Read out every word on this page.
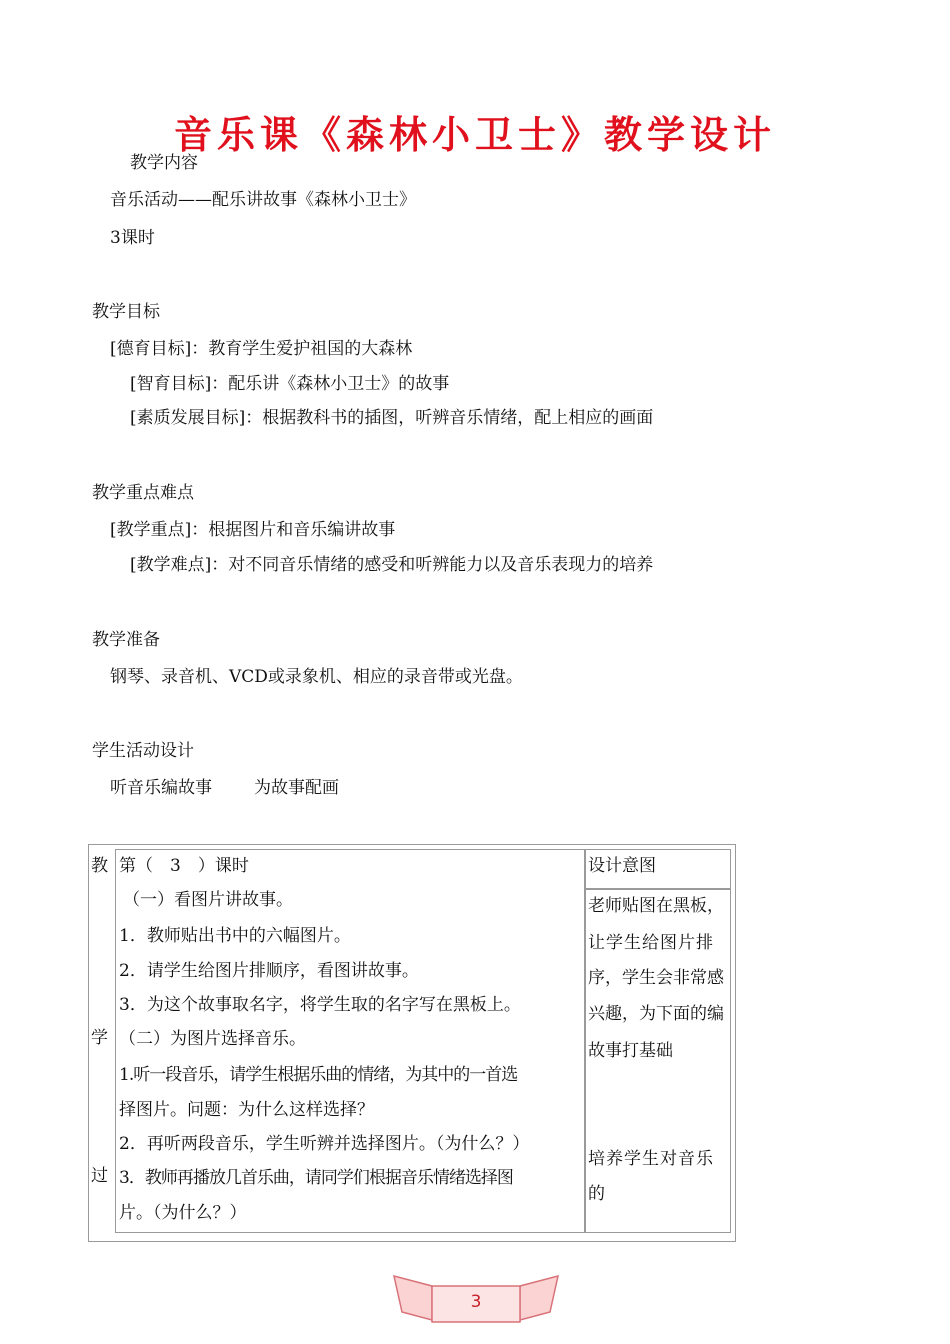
音乐课《森林小卫士》教学设计
教学内容
音乐活动——配乐讲故事《森林小卫士》
3课时
教学目标
[德育目标]：教育学生爱护祖国的大森林
[智育目标]：配乐讲《森林小卫士》的故事
[素质发展目标]：根据教科书的插图，听辨音乐情绪，配上相应的画面
教学重点难点
[教学重点]：根据图片和音乐编讲故事
[教学难点]：对不同音乐情绪的感受和听辨能力以及音乐表现力的培养
教学准备
钢琴、录音机、VCD或录象机、相应的录音带或光盘。
学生活动设计
听音乐编故事 为故事配画
教
学
过
第（　3　）课时
（一）看图片讲故事。
1．教师贴出书中的六幅图片。
2．请学生给图片排顺序，看图讲故事。
3．为这个故事取名字，将学生取的名字写在黑板上。
（二）为图片选择音乐。
1.听一段音乐，请学生根据乐曲的情绪，为其中的一首选
择图片。问题：为什么这样选择？
2．再听两段音乐，学生听辨并选择图片。（为什么？）
3．教师再播放几首乐曲，请同学们根据音乐情绪选择图
片。（为什么？）
设计意图
老师贴图在黑板，
让学生给图片排
序，学生会非常感
兴趣，为下面的编
故事打基础
培养学生对音乐
的
3
